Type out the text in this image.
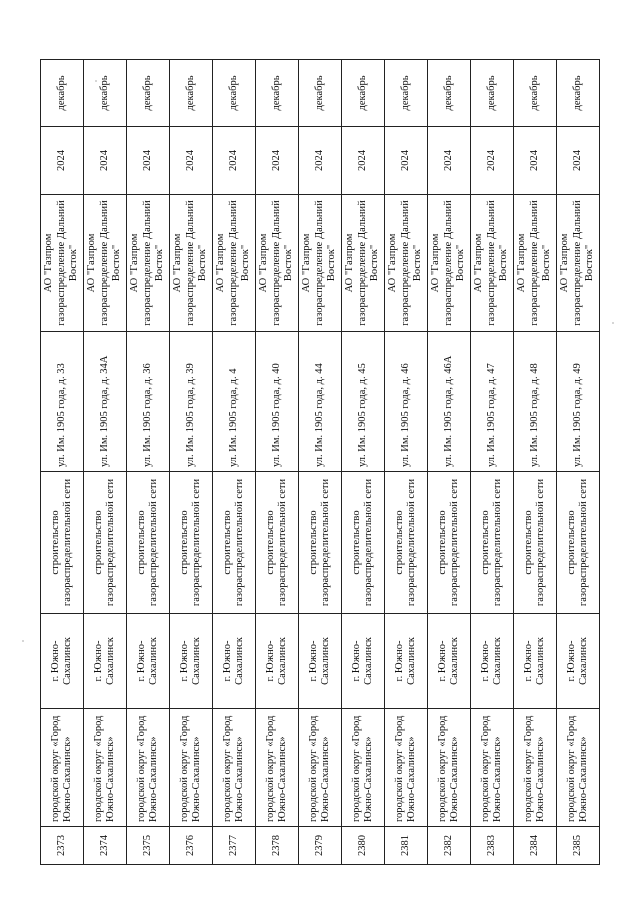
2373	городской округ «Город Южно-Сахалинск»	г. Южно-Сахалинск	строительство газораспределительной сети	ул. Им. 1905 года, д. 33	АО "Газпром газораспределение Дальний Восток"	2024	декабрь
2374	городской округ «Город Южно-Сахалинск»	г. Южно-Сахалинск	строительство газораспределительной сети	ул. Им. 1905 года, д. 34А	АО "Газпром газораспределение Дальний Восток"	2024	декабрь
2375	городской округ «Город Южно-Сахалинск»	г. Южно-Сахалинск	строительство газораспределительной сети	ул. Им. 1905 года, д. 36	АО "Газпром газораспределение Дальний Восток"	2024	декабрь
2376	городской округ «Город Южно-Сахалинск»	г. Южно-Сахалинск	строительство газораспределительной сети	ул. Им. 1905 года, д. 39	АО "Газпром газораспределение Дальний Восток"	2024	декабрь
2377	городской округ «Город Южно-Сахалинск»	г. Южно-Сахалинск	строительство газораспределительной сети	ул. Им. 1905 года, д. 4	АО "Газпром газораспределение Дальний Восток"	2024	декабрь
2378	городской округ «Город Южно-Сахалинск»	г. Южно-Сахалинск	строительство газораспределительной сети	ул. Им. 1905 года, д. 40	АО "Газпром газораспределение Дальний Восток"	2024	декабрь
2379	городской округ «Город Южно-Сахалинск»	г. Южно-Сахалинск	строительство газораспределительной сети	ул. Им. 1905 года, д. 44	АО "Газпром газораспределение Дальний Восток"	2024	декабрь
2380	городской округ «Город Южно-Сахалинск»	г. Южно-Сахалинск	строительство газораспределительной сети	ул. Им. 1905 года, д. 45	АО "Газпром газораспределение Дальний Восток"	2024	декабрь
2381	городской округ «Город Южно-Сахалинск»	г. Южно-Сахалинск	строительство газораспределительной сети	ул. Им. 1905 года, д. 46	АО "Газпром газораспределение Дальний Восток"	2024	декабрь
2382	городской округ «Город Южно-Сахалинск»	г. Южно-Сахалинск	строительство газораспределительной сети	ул. Им. 1905 года, д. 46А	АО "Газпром газораспределение Дальний Восток"	2024	декабрь
2383	городской округ «Город Южно-Сахалинск»	г. Южно-Сахалинск	строительство газораспределительной сети	ул. Им. 1905 года, д. 47	АО "Газпром газораспределение Дальний Восток"	2024	декабрь
2384	городской округ «Город Южно-Сахалинск»	г. Южно-Сахалинск	строительство газораспределительной сети	ул. Им. 1905 года, д. 48	АО "Газпром газораспределение Дальний Восток"	2024	декабрь
2385	городской округ «Город Южно-Сахалинск»	г. Южно-Сахалинск	строительство газораспределительной сети	ул. Им. 1905 года, д. 49	АО "Газпром газораспределение Дальний Восток"	2024	декабрь
